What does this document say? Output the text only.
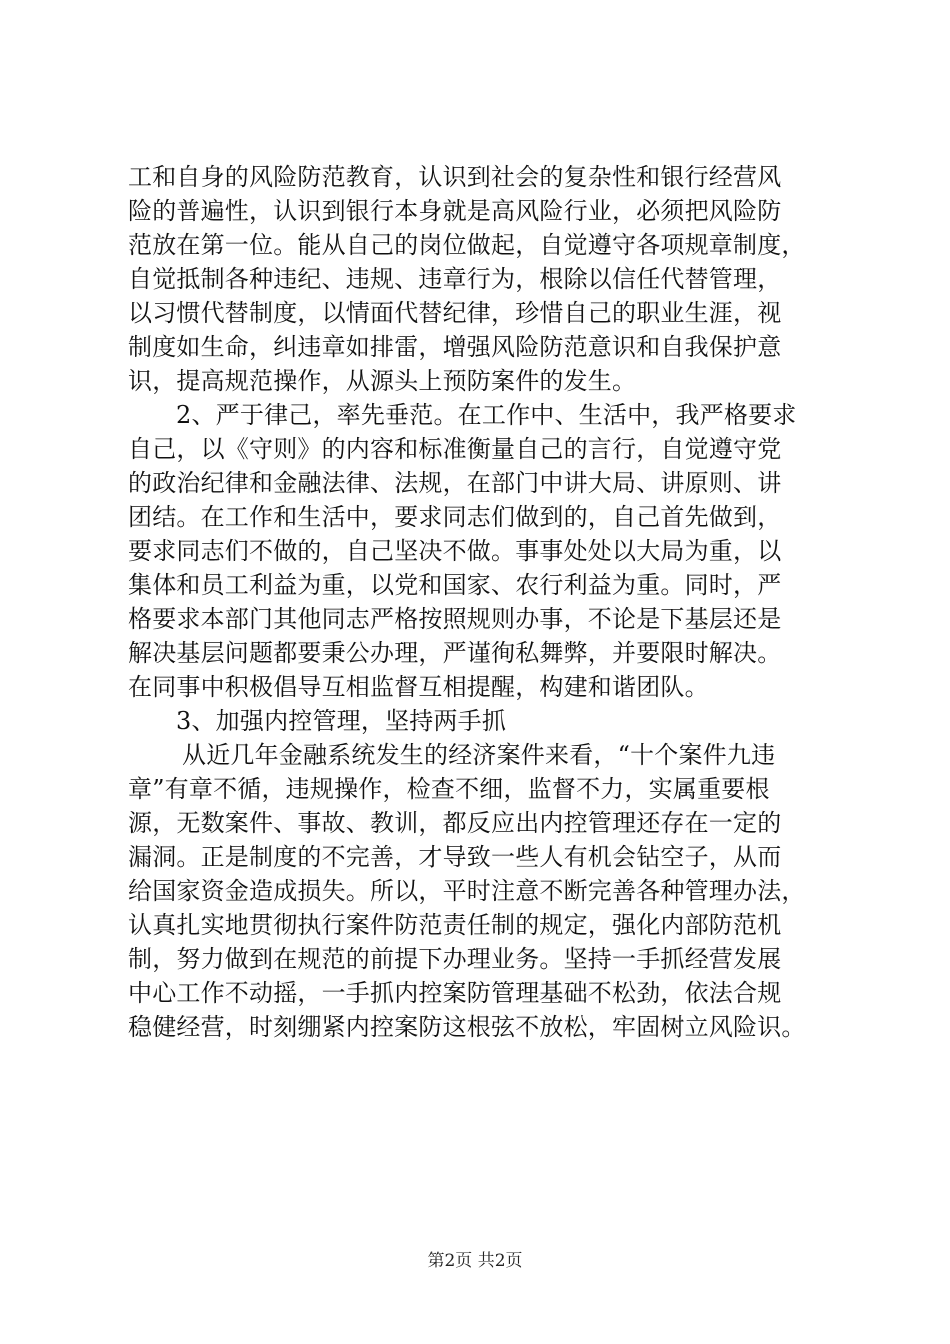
工和自身的风险防范教育，认识到社会的复杂性和银行经营风
险的普遍性，认识到银行本身就是高风险行业，必须把风险防
范放在第一位。能从自己的岗位做起，自觉遵守各项规章制度，
自觉抵制各种违纪、违规、违章行为，根除以信任代替管理，
以习惯代替制度，以情面代替纪律，珍惜自己的职业生涯，视
制度如生命，纠违章如排雷，增强风险防范意识和自我保护意
识，提高规范操作，从源头上预防案件的发生。
2、严于律己，率先垂范。在工作中、生活中，我严格要求
自己，以《守则》的内容和标准衡量自己的言行，自觉遵守党
的政治纪律和金融法律、法规，在部门中讲大局、讲原则、讲
团结。在工作和生活中，要求同志们做到的，自己首先做到，
要求同志们不做的，自己坚决不做。事事处处以大局为重，以
集体和员工利益为重，以党和国家、农行利益为重。同时，严
格要求本部门其他同志严格按照规则办事，不论是下基层还是
解决基层问题都要秉公办理，严谨徇私舞弊，并要限时解决。
在同事中积极倡导互相监督互相提醒，构建和谐团队。
3、加强内控管理，坚持两手抓
从近几年金融系统发生的经济案件来看，“十个案件九违
章”有章不循，违规操作，检查不细，监督不力，实属重要根
源，无数案件、事故、教训，都反应出内控管理还存在一定的
漏洞。正是制度的不完善，才导致一些人有机会钻空子，从而
给国家资金造成损失。所以，平时注意不断完善各种管理办法，
认真扎实地贯彻执行案件防范责任制的规定，强化内部防范机
制，努力做到在规范的前提下办理业务。坚持一手抓经营发展
中心工作不动摇，一手抓内控案防管理基础不松劲，依法合规
稳健经营，时刻绷紧内控案防这根弦不放松，牢固树立风险识。
第2页 共2页
